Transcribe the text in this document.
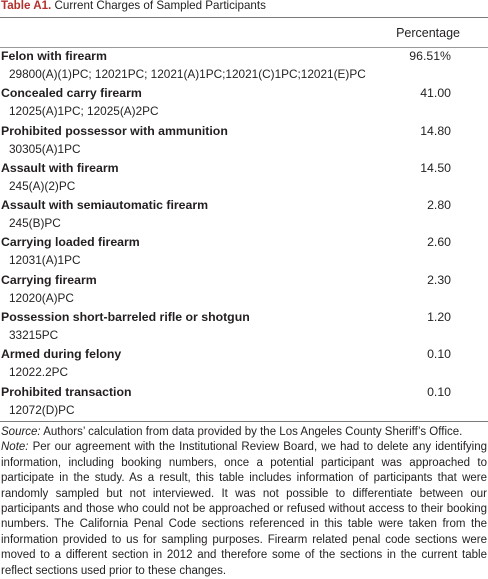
Table A1. Current Charges of Sampled Participants
Percentage
Felon with firearm
29800(A)(1)PC; 12021PC; 12021(A)1PC;12021(C)1PC;12021(E)PC
96.51%
Concealed carry firearm
12025(A)1PC; 12025(A)2PC
41.00
Prohibited possessor with ammunition
30305(A)1PC
14.80
Assault with firearm
245(A)(2)PC
14.50
Assault with semiautomatic firearm
245(B)PC
2.80
Carrying loaded firearm
12031(A)1PC
2.60
Carrying firearm
12020(A)PC
2.30
Possession short-barreled rifle or shotgun
33215PC
1.20
Armed during felony
12022.2PC
0.10
Prohibited transaction
12072(D)PC
0.10

Source: Authors’ calculation from data provided by the Los Angeles County Sheriff’s Office.

Note: Per our agreement with the Institutional Review Board, we had to delete any identifying information, including booking numbers, once a potential participant was approached to participate in the study. As a result, this table includes information of participants that were randomly sampled but not interviewed. It was not possible to differentiate between our participants and those who could not be approached or refused without access to their booking numbers. The California Penal Code sections referenced in this table were taken from the information provided to us for sampling purposes. Firearm related penal code sections were moved to a different section in 2012 and therefore some of the sections in the current table reflect sections used prior to these changes.
